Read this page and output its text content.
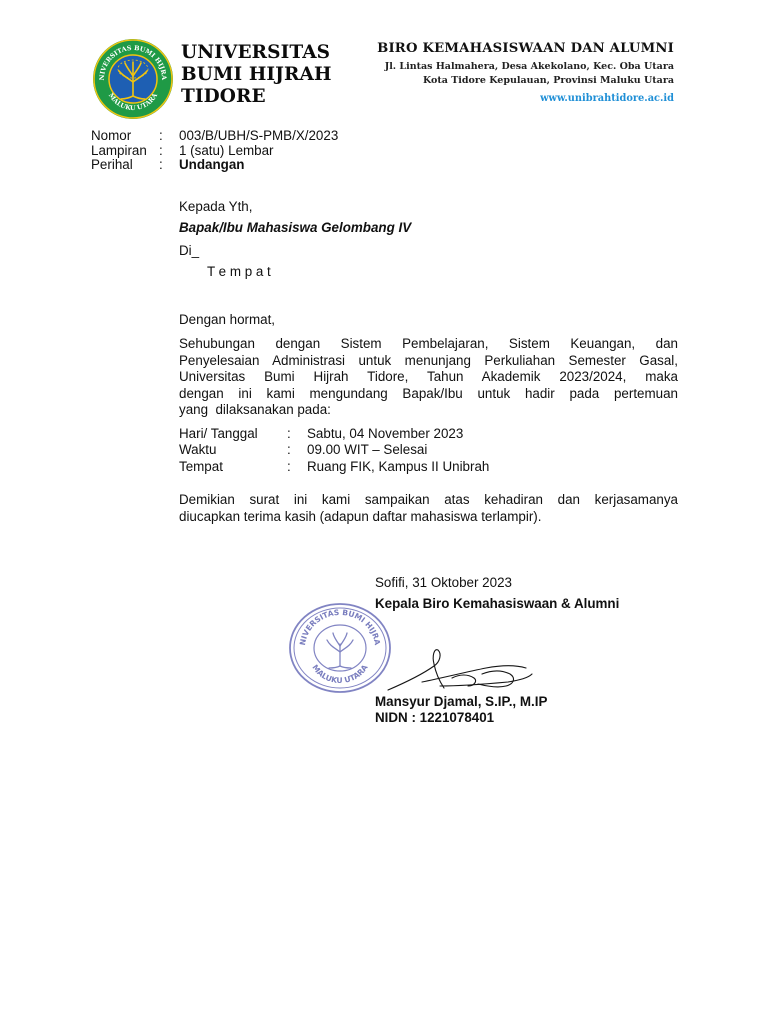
NIVERSITAS BUMI HIJRA
MALUKU UTARA
UNIVERSITAS
BUMI HIJRAH
TIDORE
BIRO KEMAHASISWAAN DAN ALUMNI
Jl. Lintas Halmahera, Desa Akekolano, Kec. Oba Utara
Kota Tidore Kepulauan, Provinsi Maluku Utara
www.unibrahtidore.ac.id
Nomor	:	003/B/UBH/S-PMB/X/2023
Lampiran :	1 (satu) Lembar
Perihal	:	Undangan
Kepada Yth,
Bapak/Ibu Mahasiswa Gelombang IV
Di_
T e m p a t
Dengan hormat,
Sehubungan dengan Sistem Pembelajaran, Sistem Keuangan, dan
Penyelesaian Administrasi untuk menunjang Perkuliahan Semester Gasal,
Universitas Bumi Hijrah Tidore, Tahun Akademik 2023/2024, maka
dengan ini kami mengundang Bapak/Ibu untuk hadir pada pertemuan
yang  dilaksanakan pada:
Hari/ Tanggal	:	Sabtu, 04 November 2023
Waktu	:	09.00 WIT – Selesai
Tempat	:	Ruang FIK, Kampus II Unibrah
Demikian surat ini kami sampaikan atas kehadiran dan kerjasamanya
diucapkan terima kasih (adapun daftar mahasiswa terlampir).
Sofifi, 31 Oktober 2023
Kepala Biro Kemahasiswaan & Alumni
NIVERSITAS BUMI HIJRA
MALUKU UTARA
Mansyur Djamal, S.IP., M.IP
NIDN : 1221078401
